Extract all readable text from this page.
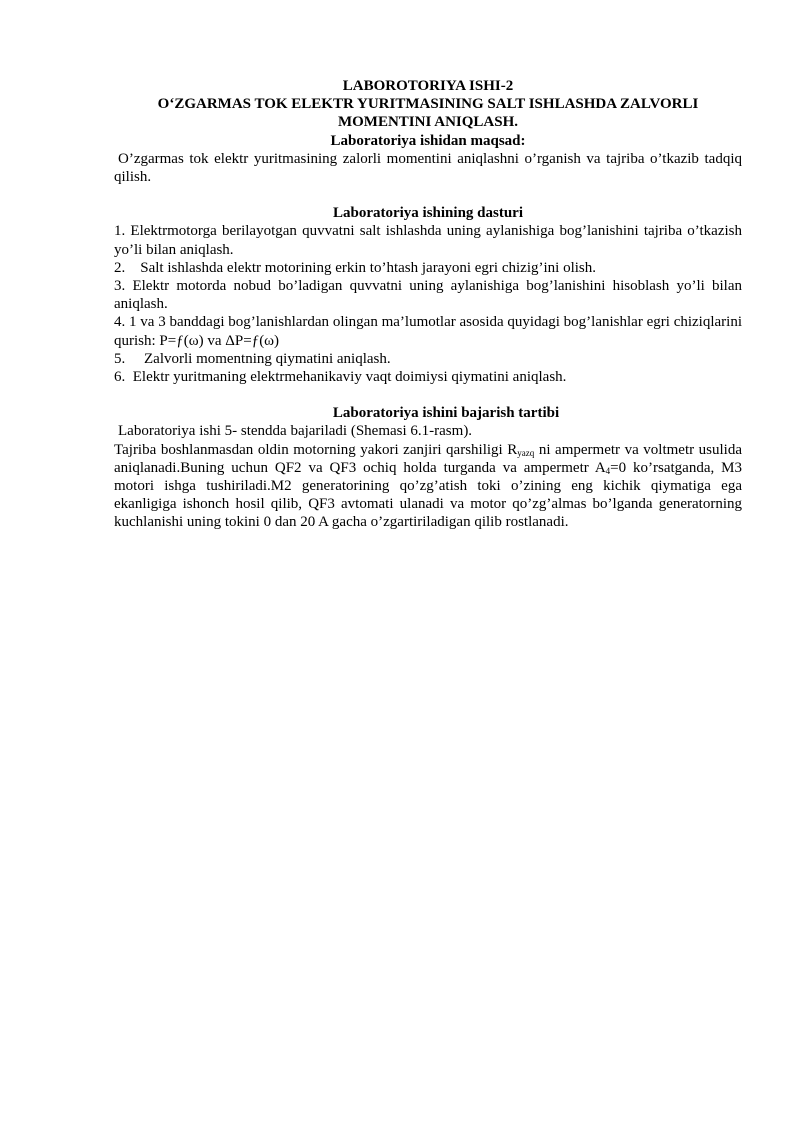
LABOROTORIYA ISHI-2
O‘ZGARMAS TOK ELEKTR YURITMASINING SALT ISHLASHDA ZALVORLI
MOMENTINI ANIQLASH.
Laboratoriya ishidan maqsad:

O’zgarmas tok elektr yuritmasining zalorli momentini aniqlashni o’rganish va tajriba o’tkazib tadqiq qilish.

Laboratoriya ishining dasturi

1. Elektrmotorga berilayotgan quvvatni salt ishlashda uning aylanishiga bog’lanishini tajriba o’tkazish yo’li bilan aniqlash.

2. Salt ishlashda elektr motorining erkin to’htash jarayoni egri chizig’ini olish.

3. Elektr motorda nobud bo’ladigan quvvatni uning aylanishiga bog’lanishini hisoblash yo’li bilan aniqlash.

4. 1 va 3 banddagi bog’lanishlardan olingan ma’lumotlar asosida quyidagi bog’lanishlar egri chiziqlarini qurish: P=ƒ(ω) va ΔP=ƒ(ω)

5. Zalvorli momentning qiymatini aniqlash.

6. Elektr yuritmaning elektrmehanikaviy vaqt doimiysi qiymatini aniqlash.

Laboratoriya ishini bajarish tartibi

Laboratoriya ishi 5- stendda bajariladi (Shemasi 6.1-rasm).

Tajriba boshlanmasdan oldin motorning yakori zanjiri qarshiligi $R_{yazq}$ ni ampermetr va voltmetr usulida aniqlanadi.Buning uchun QF2 va QF3 ochiq holda turganda va ampermetr $A_4=0$ ko’rsatganda, M3 motori ishga tushiriladi.M2 generatorining qo’zg’atish toki o’zining eng kichik qiymatiga ega ekanligiga ishonch hosil qilib, QF3 avtomati ulanadi va motor qo’zg’almas bo’lganda generatorning kuchlanishi uning tokini 0 dan 20 A gacha o’zgartiriladigan qilib rostlanadi.
